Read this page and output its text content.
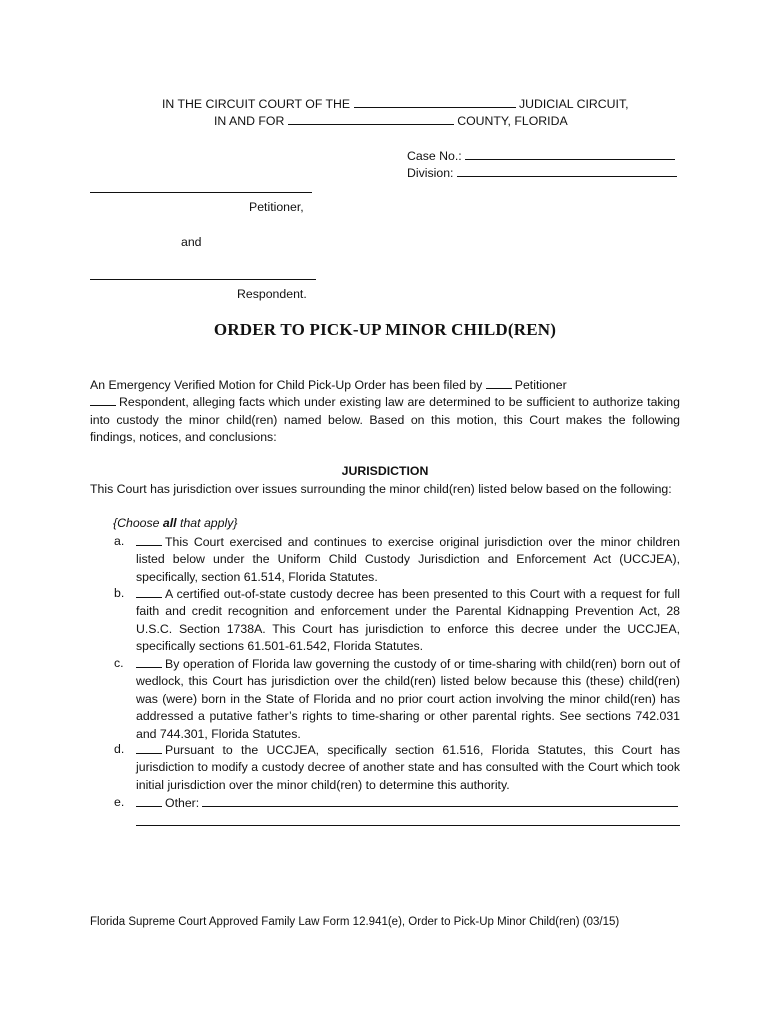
IN THE CIRCUIT COURT OF THE	JUDICIAL CIRCUIT,
IN AND FOR	COUNTY, FLORIDA
Case No.:
Division:
Petitioner,
and
Respondent.
ORDER TO PICK-UP MINOR CHILD(REN)
An Emergency Verified Motion for Child Pick-Up Order has been filed by	Petitioner
Respondent, alleging facts which under existing law are determined to be sufficient to authorize taking into custody the minor child(ren) named below. Based on this motion, this Court makes the following findings, notices, and conclusions:
JURISDICTION
This Court has jurisdiction over issues surrounding the minor child(ren) listed below based on the following:
{Choose all that apply}
a.	This Court exercised and continues to exercise original jurisdiction over the minor children listed below under the Uniform Child Custody Jurisdiction and Enforcement Act (UCCJEA), specifically, section 61.514, Florida Statutes.
b.	A certified out-of-state custody decree has been presented to this Court with a request for full faith and credit recognition and enforcement under the Parental Kidnapping Prevention Act, 28 U.S.C. Section 1738A. This Court has jurisdiction to enforce this decree under the UCCJEA, specifically sections 61.501-61.542, Florida Statutes.
c.	By operation of Florida law governing the custody of or time-sharing with child(ren) born out of wedlock, this Court has jurisdiction over the child(ren) listed below because this (these) child(ren) was (were) born in the State of Florida and no prior court action involving the minor child(ren) has addressed a putative father’s rights to time-sharing or other parental rights. See sections 742.031 and 744.301, Florida Statutes.
d.	Pursuant to the UCCJEA, specifically section 61.516, Florida Statutes, this Court has jurisdiction to modify a custody decree of another state and has consulted with the Court which took initial jurisdiction over the minor child(ren) to determine this authority.
e.	Other:
Florida Supreme Court Approved Family Law Form 12.941(e), Order to Pick-Up Minor Child(ren) (03/15)
